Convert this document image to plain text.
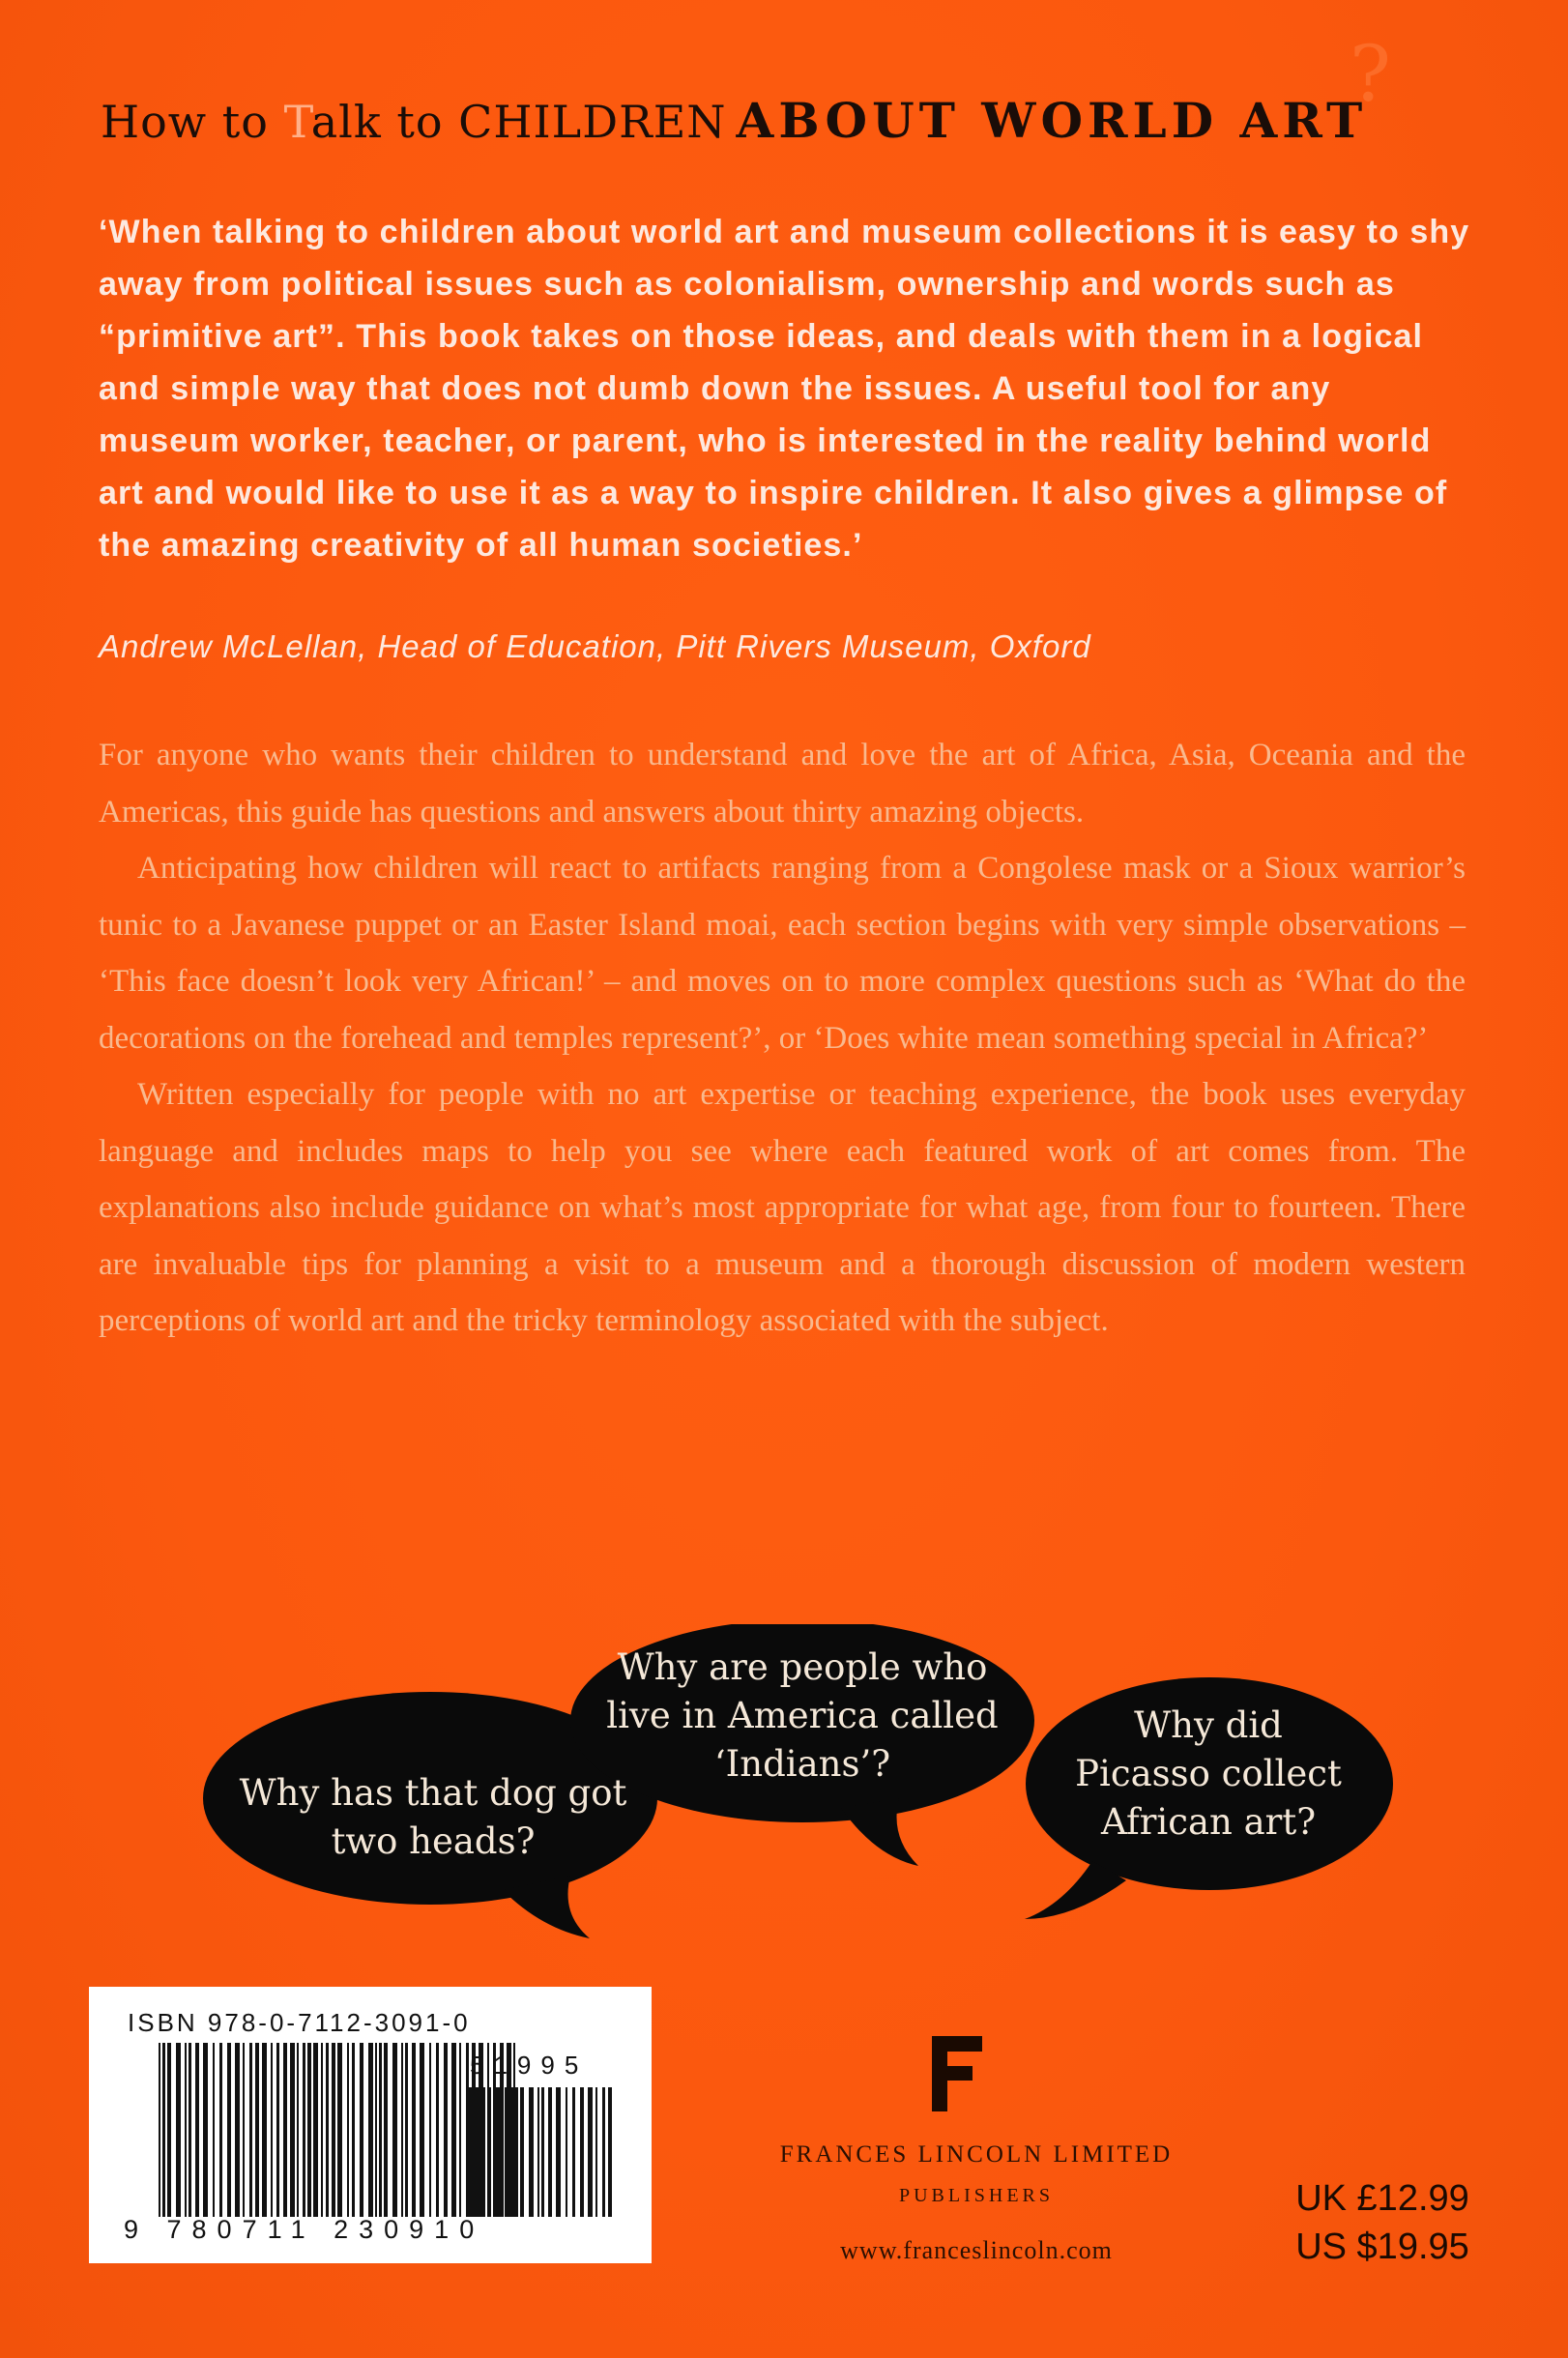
?
How to Talk to CHILDREN ABOUT WORLD ART

‘When talking to children about world art and museum collections it is easy to shy away from political issues such as colonialism, ownership and words such as “primitive art”. This book takes on those ideas, and deals with them in a logical and simple way that does not dumb down the issues. A useful tool for any museum worker, teacher, or parent, who is interested in the reality behind world art and would like to use it as a way to inspire children. It also gives a glimpse of the amazing creativity of all human societies.’

Andrew McLellan, Head of Education, Pitt Rivers Museum, Oxford

For anyone who wants their children to understand and love the art of Africa, Asia, Oceania and the Americas, this guide has questions and answers about thirty amazing objects.

Anticipating how children will react to artifacts ranging from a Congolese mask or a Sioux warrior’s tunic to a Javanese puppet or an Easter Island moai, each section begins with very simple observations – ‘This face doesn’t look very African!’ – and moves on to more complex questions such as ‘What do the decorations on the forehead and temples represent?’, or ‘Does white mean something special in Africa?’

Written especially for people with no art expertise or teaching experience, the book uses everyday language and includes maps to help you see where each featured work of art comes from. The explanations also include guidance on what’s most appropriate for what age, from four to fourteen. There are invaluable tips for planning a visit to a museum and a thorough discussion of modern western perceptions of world art and the tricky terminology associated with the subject.

Why has that dog got
two heads?
Why are people who
live in America called
‘Indians’?
Why did
Picasso collect
African art?
ISBN 978-0-7112-3091-0
51995
9 780711 230910
FRANCES LINCOLN LIMITED
PUBLISHERS
www.franceslincoln.com
UK £12.99
US $19.95
